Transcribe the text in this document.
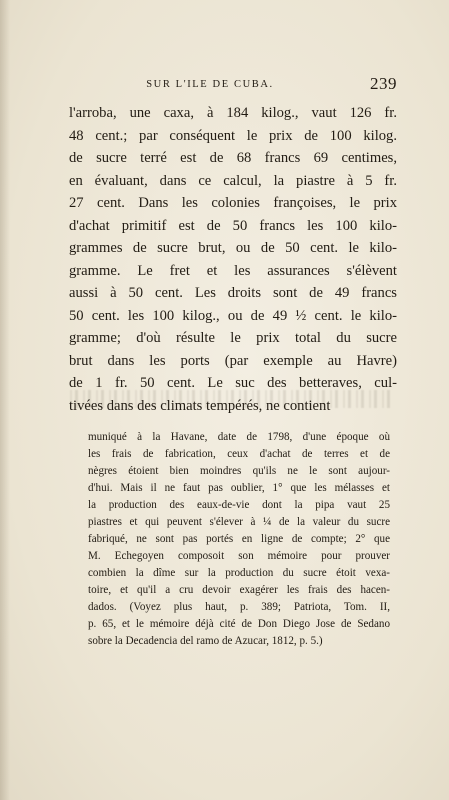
SUR L'ILE DE CUBA.	239

l'arroba, une caxa, à 184 kilog., vaut 126 fr.
48 cent.; par conséquent le prix de 100 kilog.
de sucre terré est de 68 francs 69 centimes,
en évaluant, dans ce calcul, la piastre à 5 fr.
27 cent. Dans les colonies françoises, le prix
d'achat primitif est de 50 francs les 100 kilo-
grammes de sucre brut, ou de 50 cent. le kilo-
gramme. Le fret et les assurances s'élèvent
aussi à 50 cent. Les droits sont de 49 francs
50 cent. les 100 kilog., ou de 49 ½ cent. le kilo-
gramme; d'où résulte le prix total du sucre
brut dans les ports (par exemple au Havre)
de 1 fr. 50 cent. Le suc des betteraves, cul-
tivées dans des climats tempérés, ne contient

muniqué à la Havane, date de 1798, d'une époque où
les frais de fabrication, ceux d'achat de terres et de
nègres étoient bien moindres qu'ils ne le sont aujour-
d'hui. Mais il ne faut pas oublier, 1° que les mélasses et
la production des eaux-de-vie dont la pipa vaut 25
piastres et qui peuvent s'élever à ¼ de la valeur du sucre
fabriqué, ne sont pas portés en ligne de compte; 2° que
M. Echegoyen composoit son mémoire pour prouver
combien la dîme sur la production du sucre étoit vexa-
toire, et qu'il a cru devoir exagérer les frais des hacen-
dados. (Voyez plus haut, p. 389; Patriota, Tom. II,
p. 65, et le mémoire déjà cité de Don Diego Jose de Sedano
sobre la Decadencia del ramo de Azucar, 1812, p. 5.)
